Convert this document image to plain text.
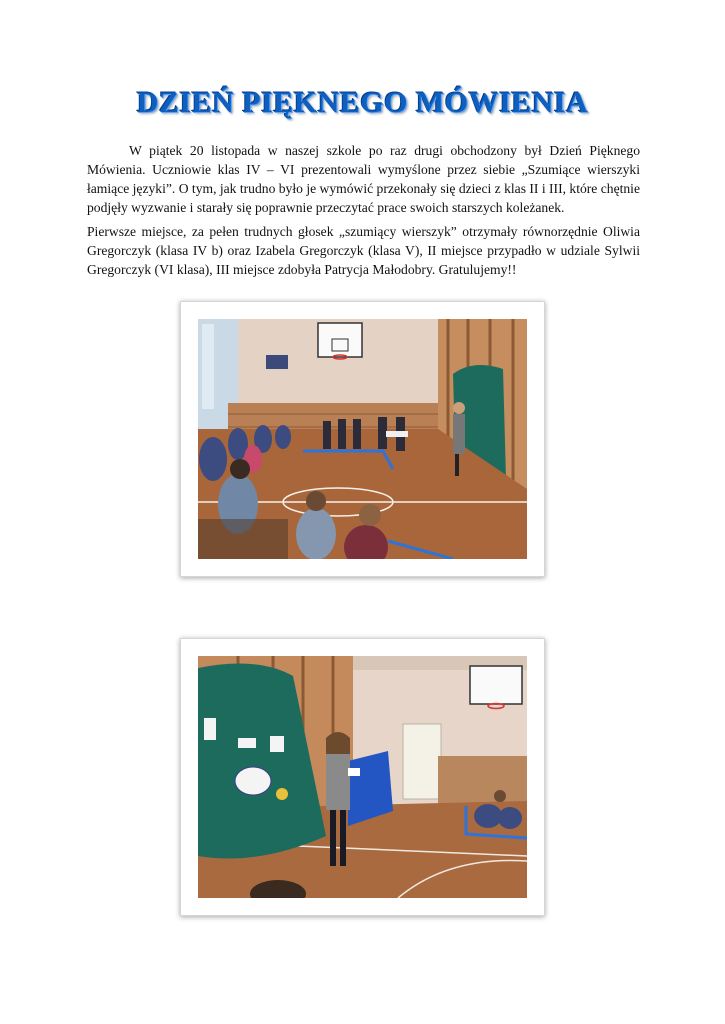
DZIEŃ PIĘKNEGO MÓWIENIA

W piątek 20 listopada w naszej szkole po raz drugi obchodzony był Dzień Pięknego Mówienia. Uczniowie klas IV – VI prezentowali wymyślone przez siebie „Szumiące wierszyki łamiące języki”. O tym, jak trudno było je wymówić przekonały się dzieci z klas II i III, które chętnie podjęły wyzwanie i starały się poprawnie przeczytać prace swoich starszych koleżanek.

Pierwsze miejsce, za pełen trudnych głosek „szumiący wierszyk” otrzymały równorzędnie Oliwia Gregorczyk (klasa IV b) oraz Izabela Gregorczyk (klasa V), II miejsce przypadło w udziale Sylwii Gregorczyk (VI klasa), III miejsce zdobyła Patrycja Małodobry. Gratulujemy!!
